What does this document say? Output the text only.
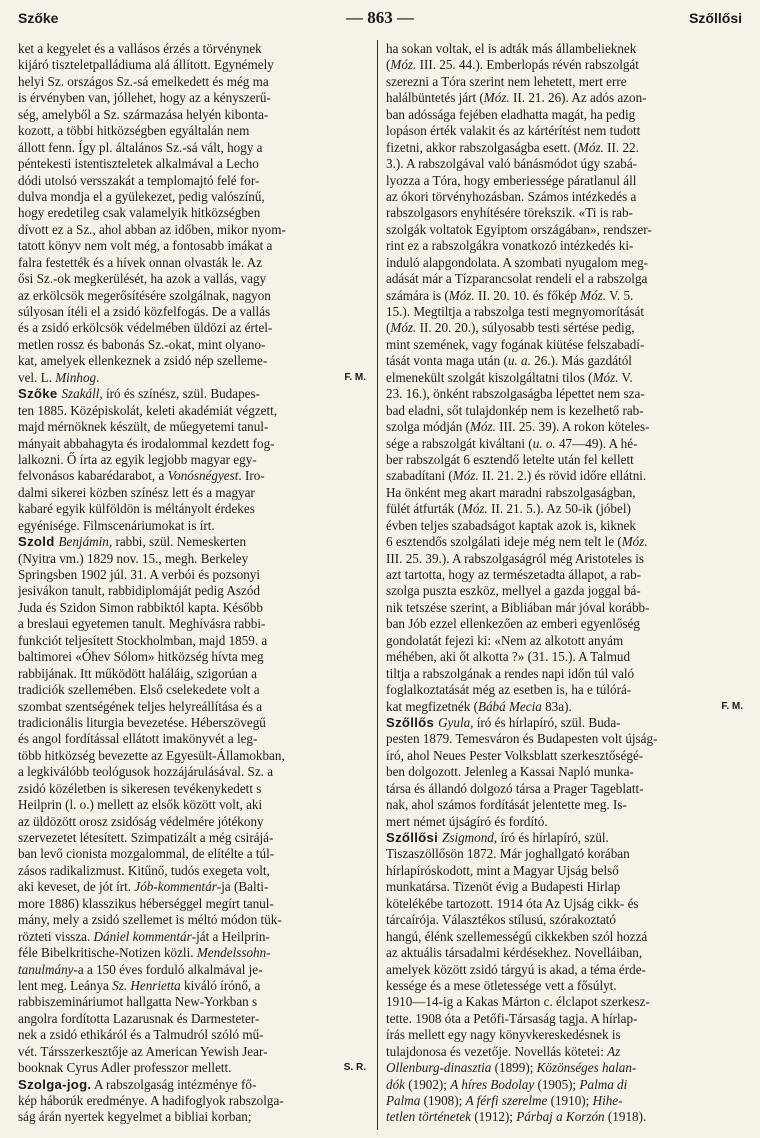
Szőke	— 863 —	Szőllősi
ket a kegyelet és a vallásos érzés a törvénynek
kijáró tiszteletpalládiuma alá állított. Egynémely
helyi Sz. országos Sz.-sá emelkedett és még ma
is érvényben van, jóllehet, hogy az a kényszerű-
ség, amelyből a Sz. származása helyén kibonta-
kozott, a többi hitközségben egyáltalán nem
állott fenn. Így pl. általános Sz.-sá vált, hogy a
péntekesti istentiszteletek alkalmával a Lecho
dódi utolsó versszakát a templomajtó felé for-
dulva mondja el a gyülekezet, pedig valószínű,
hogy eredetileg csak valamelyik hitközségben
dívott ez a Sz., ahol abban az időben, mikor nyom-
tatott könyv nem volt még, a fontosabb imákat a
falra festették és a hívek onnan olvasták le. Az
ősi Sz.-ok megkerülését, ha azok a vallás, vagy
az erkölcsök megerősítésére szolgálnak, nagyon
súlyosan ítéli el a zsidó közfelfogás. De a vallás
és a zsidó erkölcsök védelmében üldözi az értel-
metlen rossz és babonás Sz.-okat, mint olyano-
kat, amelyek ellenkeznek a zsidó nép szelleme-
vel. L. Minhog.	F. M.
Szőke Szakáll, író és színész, szül. Budapes-
ten 1885. Középiskolát, keleti akadémiát végzett,
majd mérnöknek készült, de műegyetemi tanul-
mányait abbahagyta és irodalommal kezdett fog-
lalkozni. Ő írta az egyik legjobb magyar egy-
felvonásos kabarédarabot, a Vonósnégyest. Iro-
dalmi sikerei közben színész lett és a magyar
kabaré egyik külföldön is méltányolt érdekes
egyénisége. Filmscenáriumokat is írt.
Szold Benjámin, rabbi, szül. Nemeskerten
(Nyitra vm.) 1829 nov. 15., megh. Berkeley
Springsben 1902 júl. 31. A verbói és pozsonyi
jesivákon tanult, rabbidiplomáját pedig Aszód
Juda és Szidon Simon rabbiktól kapta. Később
a breslaui egyetemen tanult. Meghívásra rabbi-
funkciót teljesített Stockholmban, majd 1859. a
baltimorei «Óhev Sólom» hitközség hívta meg
rabbijának. Itt működött haláláig, szigorúan a
tradiciók szellemében. Első cselekedete volt a
szombat szentségének teljes helyreállítása és a
tradicionális liturgia bevezetése. Héberszövegű
és angol fordítással ellátott imakönyvét a leg-
több hitközség bevezette az Egyesült-Államokban,
a legkiválóbb teológusok hozzájárulásával. Sz. a
zsidó közéletben is sikeresen tevékenykedett s
Heilprin (l. o.) mellett az elsők között volt, aki
az üldözött orosz zsidóság védelmére jótékony
szervezetet létesített. Szimpatizált a még csirájá-
ban levő cionista mozgalommal, de elítélte a túl-
zásos radikalizmust. Kitűnő, tudós exegeta volt,
aki keveset, de jót írt. Jób-kommentár-ja (Balti-
more 1886) klasszikus héberséggel megírt tanul-
mány, mely a zsidó szellemet is méltó módon tük-
rözteti vissza. Dániel kommentár-ját a Heilprin-
féle Bibelkritische-Notizen közli. Mendelssohn-
tanulmány-a a 150 éves forduló alkalmával je-
lent meg. Leánya Sz. Henrietta kiváló írónő, a
rabbiszemináriumot hallgatta New-Yorkban s
angolra fordította Lazarusnak és Darmesteter-
nek a zsidó ethikáról és a Talmudról szóló mű-
vét. Társszerkesztője az American Yewish Jear-
booknak Cyrus Adler professzor mellett.	S. R.
Szolga-jog. A rabszolgaság intézménye fő-
kép háborúk eredménye. A hadifoglyok rabszolga-
ság árán nyertek kegyelmet a bibliai korban;
ha sokan voltak, el is adták más állambelieknek
(Móz. III. 25. 44.). Emberlopás révén rabszolgát
szerezni a Tóra szerint nem lehetett, mert erre
halálbüntetés járt (Móz. II. 21. 26). Az adós azon-
ban adóssága fejében eladhatta magát, ha pedig
lopáson érték valakit és az kártérítést nem tudott
fizetni, akkor rabszolgaságba esett. (Móz. II. 22.
3.). A rabszolgával való bánásmódot úgy szabá-
lyozza a Tóra, hogy emberiessége páratlanul áll
az ókori törvényhozásban. Számos intézkedés a
rabszolgasors enyhítésére törekszik. «Ti is rab-
szolgák voltatok Egyiptom országában», rendszer-
rint ez a rabszolgákra vonatkozó intézkedés ki-
induló alapgondolata. A szombati nyugalom meg-
adását már a Tízparancsolat rendeli el a rabszolga
számára is (Móz. II. 20. 10. és főkép Móz. V. 5.
15.). Megtiltja a rabszolga testi megnyomorítását
(Móz. II. 20. 20.), súlyosabb testi sértése pedig,
mint szemének, vagy fogának kiütése felszabadí-
tását vonta maga után (u. a. 26.). Más gazdától
elmenekült szolgát kiszolgáltatni tilos (Móz. V.
23. 16.), önként rabszolgaságba lépettet nem sza-
bad eladni, sőt tulajdonkép nem is kezelhető rab-
szolga módján (Móz. III. 25. 39). A rokon köteles-
sége a rabszolgát kiváltani (u. o. 47—49). A hé-
ber rabszolgát 6 esztendő letelte után fel kellett
szabadítani (Móz. II. 21. 2.) és rövid időre ellátni.
Ha önként meg akart maradni rabszolgaságban,
fülét átfurták (Móz. II. 21. 5.). Az 50-ik (jóbel)
évben teljes szabadságot kaptak azok is, kiknek
6 esztendős szolgálati ideje még nem telt le (Móz.
III. 25. 39.). A rabszolgaságról még Aristoteles is
azt tartotta, hogy az természetadta állapot, a rab-
szolga puszta eszköz, mellyel a gazda joggal bá-
nik tetszése szerint, a Bibliában már jóval korább-
ban Jób ezzel ellenkezően az emberi egyenlőség
gondolatát fejezi ki: «Nem az alkotott anyám
méhében, aki őt alkotta ?» (31. 15.). A Talmud
tiltja a rabszolgának a rendes napi időn túl való
foglalkoztatását még az esetben is, ha e túlórá-
kat megfizetnék (Bábá Mecia 83a).	F. M.
Szőllős Gyula, író és hírlapíró, szül. Buda-
pesten 1879. Temesváron és Budapesten volt újság-
író, ahol Neues Pester Volksblatt szerkesztőségé-
ben dolgozott. Jelenleg a Kassai Napló munka-
társa és állandó dolgozó társa a Prager Tageblatt-
nak, ahol számos fordítását jelentette meg. Is-
mert német újságíró és fordító.
Szőllősi Zsigmond, író és hírlapíró, szül.
Tiszaszöllősön 1872. Már joghallgató korában
hírlapíróskodott, mint a Magyar Ujság belső
munkatársa. Tizenöt évig a Budapesti Hirlap
kötelékébe tartozott. 1914 óta Az Ujság cikk- és
tárcaírója. Választékos stílusú, szórakoztató
hangú, élénk szellemességű cikkekben szól hozzá
az aktuális társadalmi kérdésekhez. Novelláiban,
amelyek között zsidó tárgyú is akad, a téma érde-
kessége és a mese ötletessége vett a fősúlyt.
1910—14-ig a Kakas Márton c. élclapot szerkesz-
tette. 1908 óta a Petőfi-Társaság tagja. A hírlap-
írás mellett egy nagy könyvkereskedésnek is
tulajdonosa és vezetője. Novellás kötetei: Az
Ollenburg-dinasztia (1899); Közönséges halan-
dók (1902); A híres Bodolay (1905); Palma di
Palma (1908); A férfi szerelme (1910); Hihe-
tetlen történetek (1912); Párbaj a Korzón (1918).
